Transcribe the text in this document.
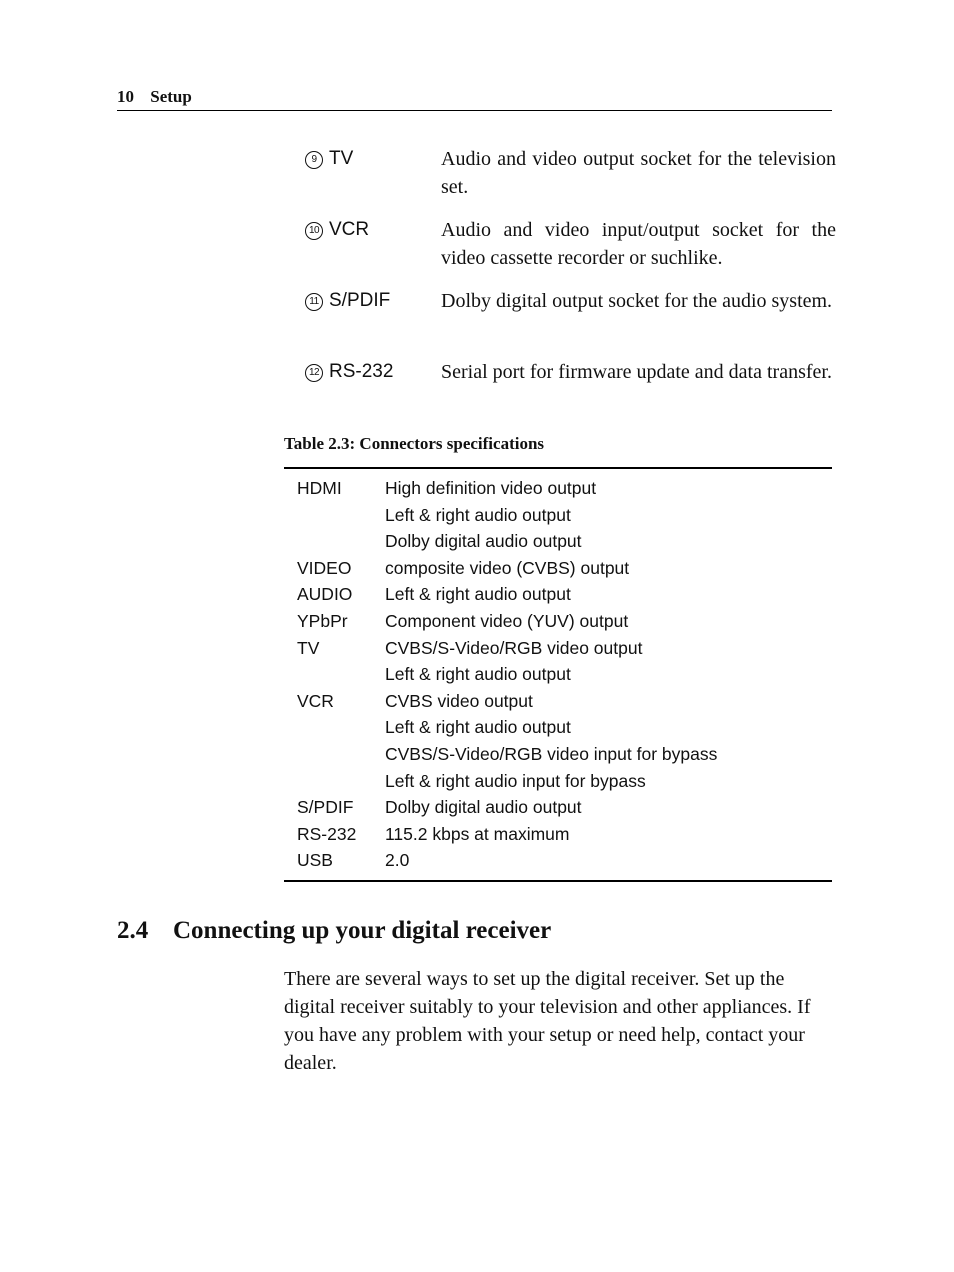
10 Setup
9 TV	Audio and video output socket for the television set.
10 VCR	Audio and video input/output socket for the video cassette recorder or suchlike.
11 S/PDIF	Dolby digital output socket for the audio system.
12 RS-232 Serial port for firmware update and data transfer.
Table 2.3: Connectors specifications
HDMI High definition video output
Left & right audio output
Dolby digital audio output
VIDEO composite video (CVBS) output
AUDIO Left & right audio output
YPbPr Component video (YUV) output
TV	CVBS/S-Video/RGB video output
Left & right audio output
VCR	CVBS video output
Left & right audio output
CVBS/S-Video/RGB video input for bypass
Left & right audio input for bypass
S/PDIF Dolby digital audio output
RS-232 115.2 kbps at maximum
USB	2.0
2.4 Connecting up your digital receiver
There are several ways to set up the digital receiver. Set up the digital receiver suitably to your television and other appliances. If you have any problem with your setup or need help, contact your dealer.
